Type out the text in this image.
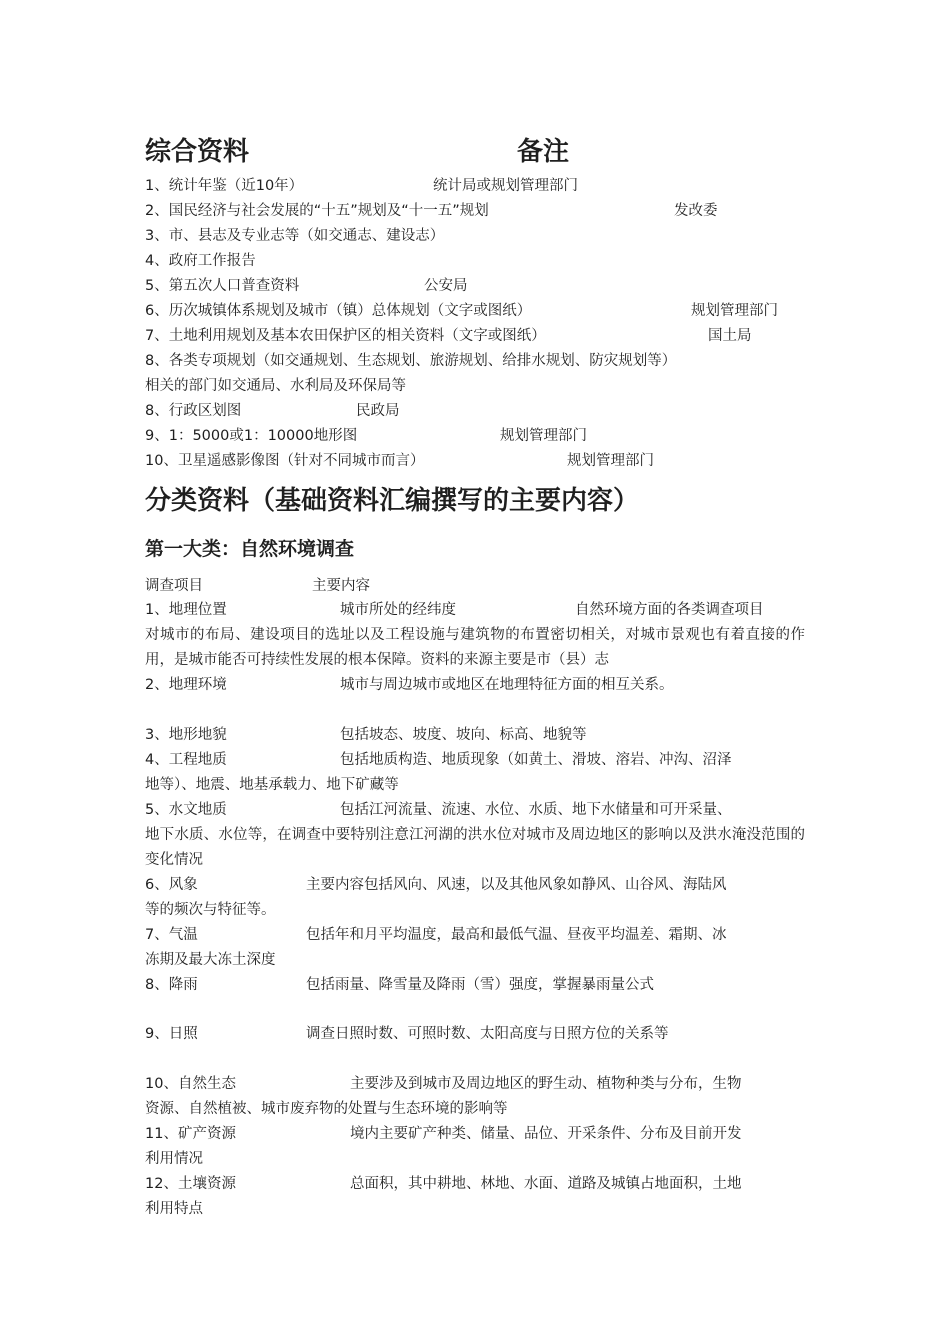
综合资料	备注
1、统计年鉴（近10年）	统计局或规划管理部门
2、国民经济与社会发展的“十五”规划及“十一五”规划	发改委
3、市、县志及专业志等（如交通志、建设志）
4、政府工作报告
5、第五次人口普查资料	公安局
6、历次城镇体系规划及城市（镇）总体规划（文字或图纸）	规划管理部门
7、土地利用规划及基本农田保护区的相关资料（文字或图纸）	国土局
8、各类专项规划（如交通规划、生态规划、旅游规划、给排水规划、防灾规划等）
相关的部门如交通局、水利局及环保局等
8、行政区划图	民政局
9、1：5000或1：10000地形图	规划管理部门
10、卫星遥感影像图（针对不同城市而言）	规划管理部门
分类资料（基础资料汇编撰写的主要内容）
第一大类：自然环境调查
调查项目	主要内容
1、地理位置	城市所处的经纬度	自然环境方面的各类调查项目
对城市的布局、建设项目的选址以及工程设施与建筑物的布置密切相关，对城市景观也有着直接的作用，是城市能否可持续性发展的根本保障。资料的来源主要是市（县）志
2、地理环境	城市与周边城市或地区在地理特征方面的相互关系。
3、地形地貌	包括坡态、坡度、坡向、标高、地貌等
4、工程地质	包括地质构造、地质现象（如黄土、滑坡、溶岩、冲沟、沼泽
地等）、地震、地基承载力、地下矿藏等
5、水文地质	包括江河流量、流速、水位、水质、地下水储量和可开采量、
地下水质、水位等，在调查中要特别注意江河湖的洪水位对城市及周边地区的影响以及洪水淹没范围的变化情况
6、风象	主要内容包括风向、风速，以及其他风象如静风、山谷风、海陆风
等的频次与特征等。
7、气温	包括年和月平均温度，最高和最低气温、昼夜平均温差、霜期、冰
冻期及最大冻土深度
8、降雨	包括雨量、降雪量及降雨（雪）强度，掌握暴雨量公式
9、日照	调查日照时数、可照时数、太阳高度与日照方位的关系等
10、自然生态	主要涉及到城市及周边地区的野生动、植物种类与分布，生物
资源、自然植被、城市废弃物的处置与生态环境的影响等
11、矿产资源	境内主要矿产种类、储量、品位、开采条件、分布及目前开发
利用情况
12、土壤资源	总面积，其中耕地、林地、水面、道路及城镇占地面积，土地
利用特点
